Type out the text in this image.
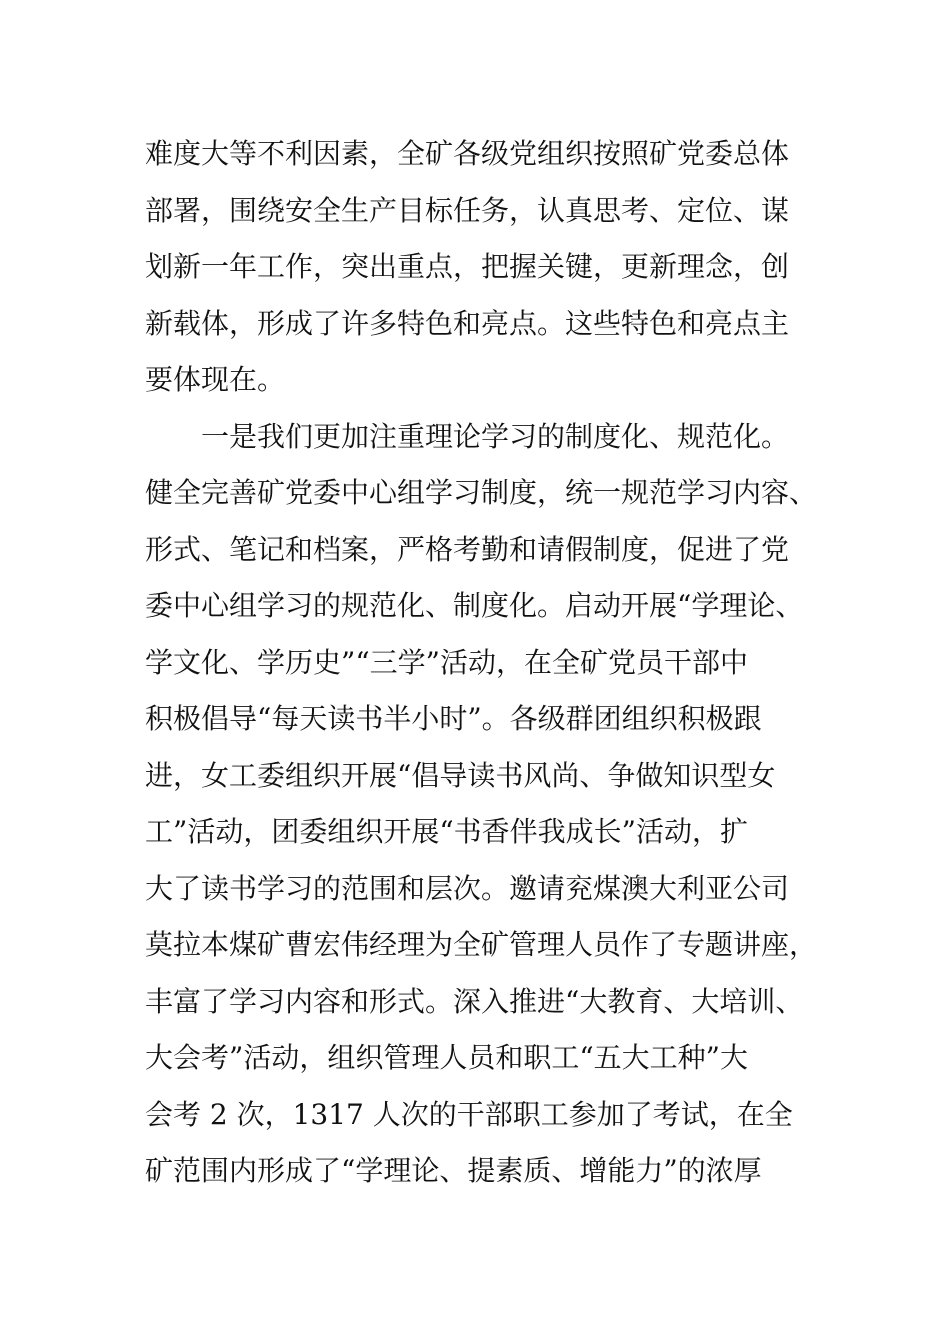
难度大等不利因素，全矿各级党组织按照矿党委总体
部署，围绕安全生产目标任务，认真思考、定位、谋
划新一年工作，突出重点，把握关键，更新理念，创
新载体，形成了许多特色和亮点。这些特色和亮点主
要体现在。
一是我们更加注重理论学习的制度化、规范化。
健全完善矿党委中心组学习制度，统一规范学习内容、
形式、笔记和档案，严格考勤和请假制度，促进了党
委中心组学习的规范化、制度化。启动开展“学理论、
学文化、学历史”“三学”活动，在全矿党员干部中
积极倡导“每天读书半小时”。各级群团组织积极跟
进，女工委组织开展“倡导读书风尚、争做知识型女
工”活动，团委组织开展“书香伴我成长”活动，扩
大了读书学习的范围和层次。邀请兖煤澳大利亚公司
莫拉本煤矿曹宏伟经理为全矿管理人员作了专题讲座，
丰富了学习内容和形式。深入推进“大教育、大培训、
大会考”活动，组织管理人员和职工“五大工种”大
会考 2 次，1317 人次的干部职工参加了考试，在全
矿范围内形成了“学理论、提素质、增能力”的浓厚
